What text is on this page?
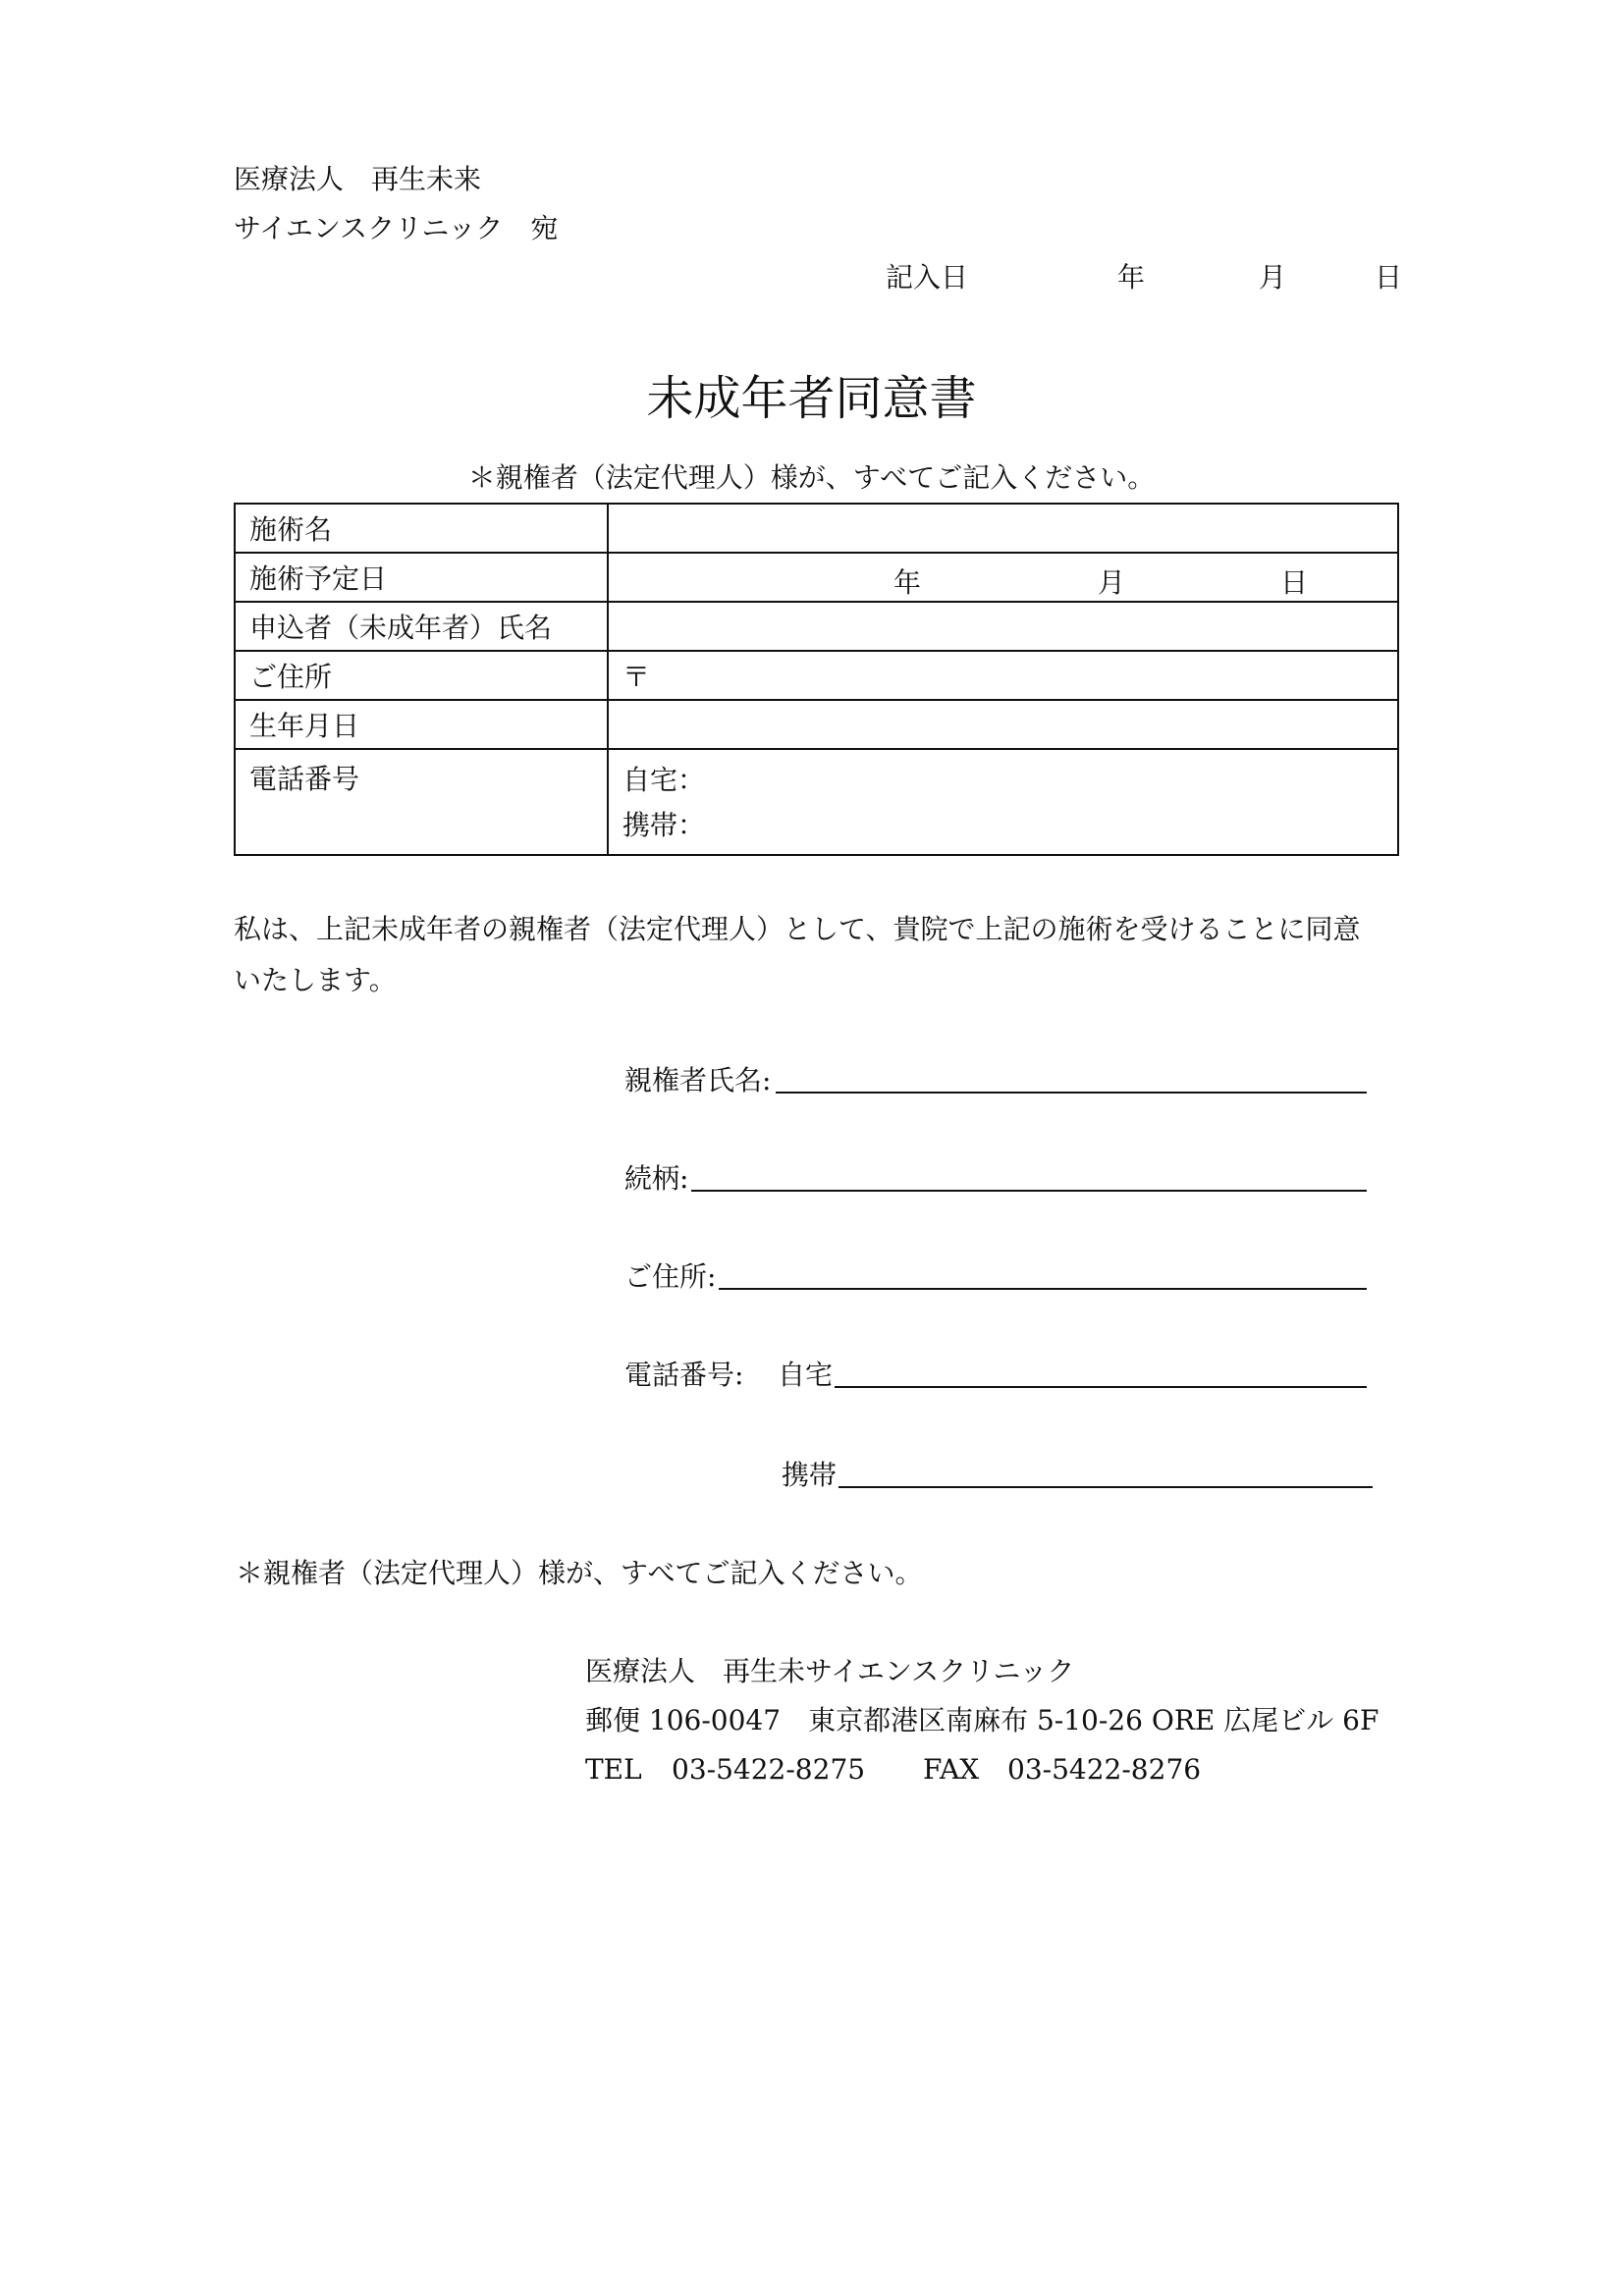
医療法人　再生未来
サイエンスクリニック　宛
記入日	年	月	日
未成年者同意書
＊親権者（法定代理人）様が、すべてご記入ください。
施術名	
施術予定日	年 月 日

申込者（未成年者）氏名	
ご住所	〒
生年月日	
電話番号	自宅：
携帯：
私は、上記未成年者の親権者（法定代理人）として、貴院で上記の施術を受けることに同意
いたします。
親権者氏名:
続柄:
ご住所:
電話番号: 自宅
携帯
＊親権者（法定代理人）様が、すべてご記入ください。
医療法人　再生未サイエンスクリニック
郵便 106-0047　東京都港区南麻布 5-10-26 ORE 広尾ビル 6F
TEL 03-5422-8275 FAX 03-5422-8276
